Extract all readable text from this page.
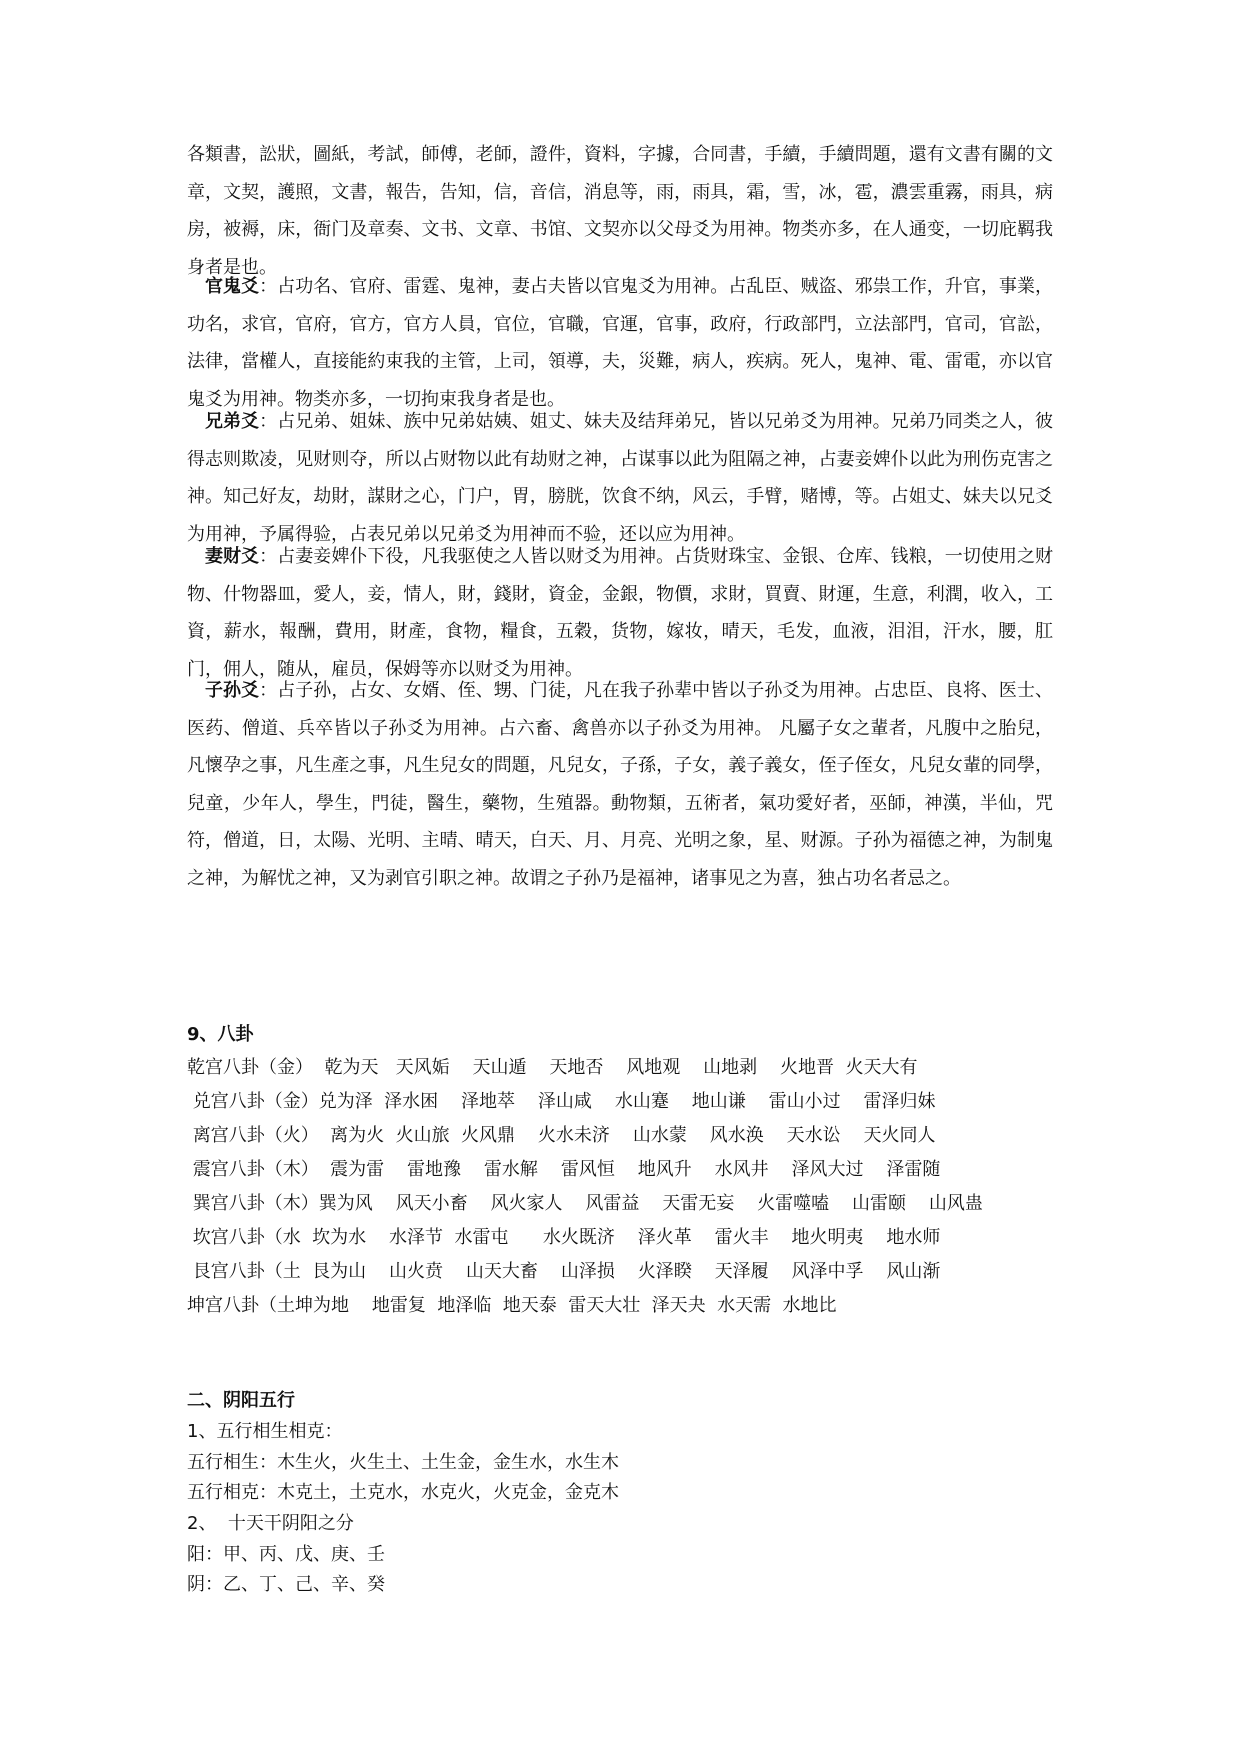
各類書，訟狀，圖紙，考試，師傅，老師，證件，資料，字據，合同書，手續，手續問題，還有文書有關的文章，文契，護照，文書，報告，告知，信，音信，消息等，雨，雨具，霜，雪，冰，雹，濃雲重霧，雨具，病房，被褥，床，衙门及章奏、文书、文章、书馆、文契亦以父母爻为用神。物类亦多，在人通变，一切庇羁我身者是也。
官鬼爻：占功名、官府、雷霆、鬼神，妻占夫皆以官鬼爻为用神。占乱臣、贼盗、邪祟工作，升官，事業，功名，求官，官府，官方，官方人員，官位，官職，官運，官事，政府，行政部門，立法部門，官司，官訟，法律，當權人，直接能約束我的主管，上司，領導，夫，災難，病人，疾病。死人，鬼神、電、雷電，亦以官鬼爻为用神。物类亦多，一切拘束我身者是也。
兄弟爻：占兄弟、姐妹、族中兄弟姑姨、姐丈、妹夫及结拜弟兄，皆以兄弟爻为用神。兄弟乃同类之人，彼得志则欺凌，见财则夺，所以占财物以此有劫财之神，占谋事以此为阻隔之神，占妻妾婢仆以此为刑伤克害之神。知己好友，劫財，謀財之心，门户，胃，膀胱，饮食不纳，风云，手臂，赌博，等。占姐丈、妹夫以兄爻为用神，予属得验，占表兄弟以兄弟爻为用神而不验，还以应为用神。
妻财爻：占妻妾婢仆下役，凡我驱使之人皆以财爻为用神。占货财珠宝、金银、仓库、钱粮，一切使用之财物、什物器皿，愛人，妾，情人，財，錢財，資金，金銀，物價，求財，買賣、財運，生意，利潤，收入，工資，薪水，報酬，費用，財產，食物，糧食，五穀，货物，嫁妆，晴天，毛发，血液，泪泪，汗水，腰，肛门，佣人，随从，雇员，保姆等亦以财爻为用神。
子孙爻：占子孙，占女、女婿、侄、甥、门徒，凡在我子孙辈中皆以子孙爻为用神。占忠臣、良将、医士、医药、僧道、兵卒皆以子孙爻为用神。占六畜、禽兽亦以子孙爻为用神。 凡屬子女之輩者，凡腹中之胎兒，凡懷孕之事，凡生產之事，凡生兒女的問題，凡兒女，子孫，子女，義子義女，侄子侄女，凡兒女輩的同學，兒童，少年人，學生，門徒，醫生，藥物，生殖器。動物類，五術者，氣功愛好者，巫師，神漢，半仙，咒符，僧道，日，太陽、光明、主晴、晴天，白天、月、月亮、光明之象，星、财源。子孙为福德之神，为制鬼之神，为解忧之神，又为剥官引职之神。故谓之子孙乃是福神，诸事见之为喜，独占功名者忌之。
9、八卦
乾宫八卦（金）  乾为天   天风姤    天山遁    天地否    风地观    山地剥    火地晋  火天大有
兑宫八卦（金）兑为泽  泽水困    泽地萃    泽山咸    水山蹇    地山谦    雷山小过    雷泽归妹
离宫八卦（火）  离为火  火山旅  火风鼎    火水未济    山水蒙    风水涣    天水讼    天火同人
震宫八卦（木）  震为雷    雷地豫    雷水解    雷风恒    地风升    水风井    泽风大过    泽雷随
巽宫八卦（木）巽为风    风天小畜    风火家人    风雷益    天雷无妄    火雷噬嗑    山雷颐    山风蛊
坎宫八卦（水  坎为水    水泽节  水雷屯      水火既济    泽火革    雷火丰    地火明夷    地水师
艮宫八卦（土  艮为山    山火贲    山天大畜    山泽损    火泽睽    天泽履    风泽中孚    风山渐
坤宫八卦（土坤为地    地雷复  地泽临  地天泰  雷天大壮  泽天夬  水天需  水地比
二、阴阳五行
1、五行相生相克：
五行相生：木生火，火生土、土生金，金生水，水生木
五行相克：木克土，土克水，水克火，火克金，金克木
2、  十天干阴阳之分
阳：甲、丙、戊、庚、壬
阴：乙、丁、己、辛、癸
